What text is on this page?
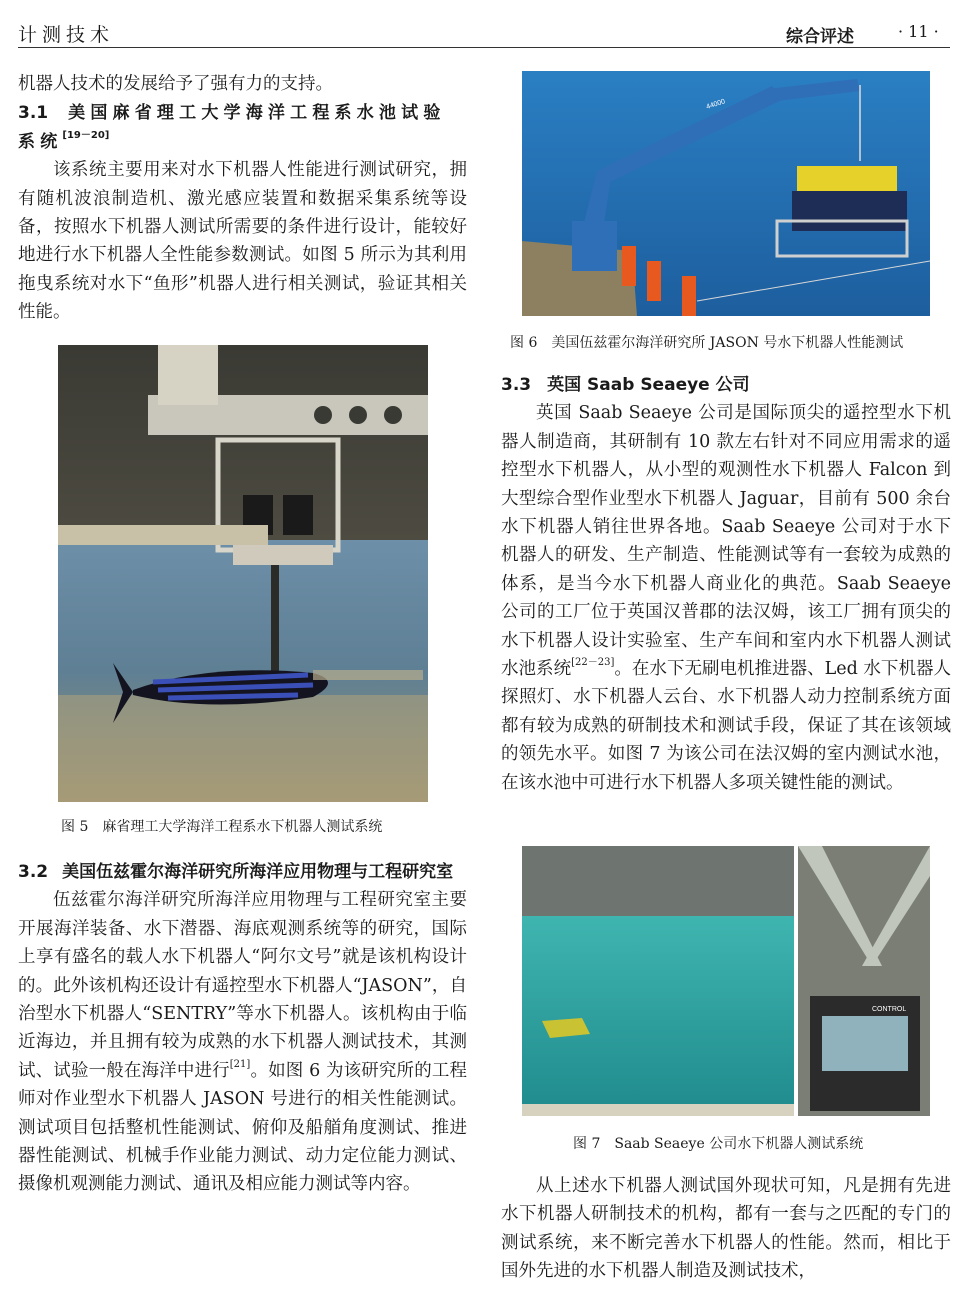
计测技术	综合评述	· 11 ·

机器人技术的发展给予了强有力的支持。

3.1 美国麻省理工大学海洋工程系水池试验系统[19－20]

该系统主要用来对水下机器人性能进行测试研究，拥有随机波浪制造机、激光感应装置和数据采集系统等设备，按照水下机器人测试所需要的条件进行设计，能较好地进行水下机器人全性能参数测试。如图 5 所示为其利用拖曳系统对水下“鱼形”机器人进行相关测试，验证其相关性能。

图 5　麻省理工大学海洋工程系水下机器人测试系统

3.2 美国伍兹霍尔海洋研究所海洋应用物理与工程研究室

伍兹霍尔海洋研究所海洋应用物理与工程研究室主要开展海洋装备、水下潜器、海底观测系统等的研究，国际上享有盛名的载人水下机器人“阿尔文号”就是该机构设计的。此外该机构还设计有遥控型水下机器人“JASON”，自治型水下机器人“SENTRY”等水下机器人。该机构由于临近海边，并且拥有较为成熟的水下机器人测试技术，其测试、试验一般在海洋中进行[21]。如图 6 为该研究所的工程师对作业型水下机器人 JASON 号进行的相关性能测试。测试项目包括整机性能测试、俯仰及船艏角度测试、推进器性能测试、机械手作业能力测试、动力定位能力测试、摄像机观测能力测试、通讯及相应能力测试等内容。

44000
图 6　美国伍兹霍尔海洋研究所 JASON 号水下机器人性能测试

3.3 英国 Saab Seaeye 公司

英国 Saab Seaeye 公司是国际顶尖的遥控型水下机器人制造商，其研制有 10 款左右针对不同应用需求的遥控型水下机器人，从小型的观测性水下机器人 Falcon 到大型综合型作业型水下机器人 Jaguar，目前有 500 余台水下机器人销往世界各地。Saab Seaeye 公司对于水下机器人的研发、生产制造、性能测试等有一套较为成熟的体系，是当今水下机器人商业化的典范。Saab Seaeye 公司的工厂位于英国汉普郡的法汉姆，该工厂拥有顶尖的水下机器人设计实验室、生产车间和室内水下机器人测试水池系统[22－23]。在水下无刷电机推进器、Led 水下机器人探照灯、水下机器人云台、水下机器人动力控制系统方面都有较为成熟的研制技术和测试手段，保证了其在该领域的领先水平。如图 7 为该公司在法汉姆的室内测试水池，在该水池中可进行水下机器人多项关键性能的测试。

CONTROL
图 7　Saab Seaeye 公司水下机器人测试系统

从上述水下机器人测试国外现状可知，凡是拥有先进水下机器人研制技术的机构，都有一套与之匹配的专门的测试系统，来不断完善水下机器人的性能。然而，相比于国外先进的水下机器人制造及测试技术，
